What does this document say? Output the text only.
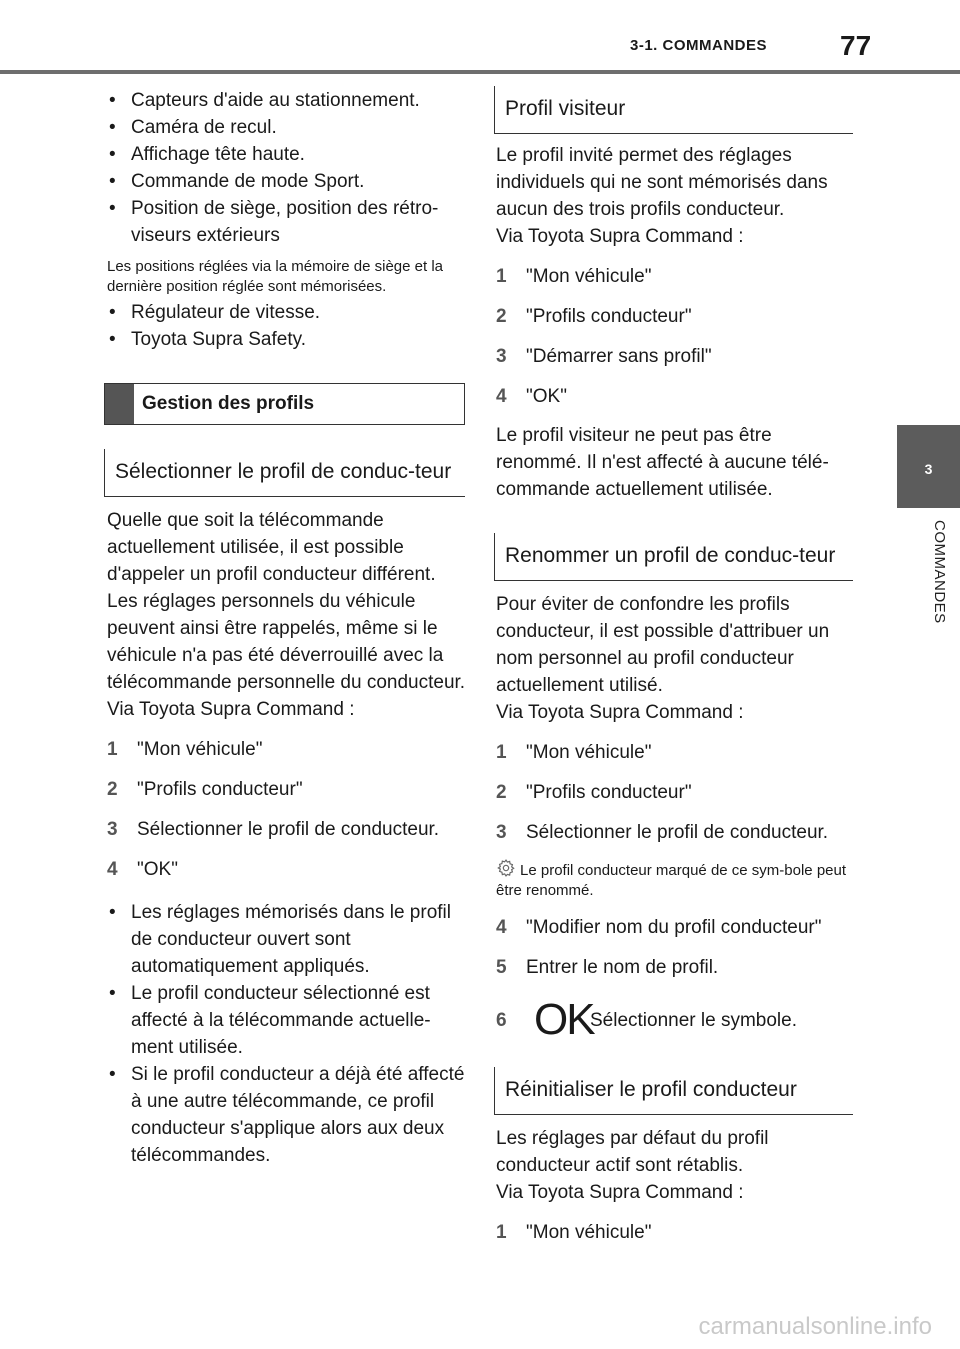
3-1. COMMANDES	77
3
COMMANDES
• Capteurs d'aide au stationnement.
• Caméra de recul.
• Affichage tête haute.
• Commande de mode Sport.
• Position de siège, position des rétro-viseurs extérieurs
Les positions réglées via la mémoire de siège et la dernière position réglée sont mémorisées.
• Régulateur de vitesse.
• Toyota Supra Safety.
Gestion des profils
Sélectionner le profil de conduc-teur

Quelle que soit la télécommande actuellement utilisée, il est possible d'appeler un profil conducteur différent. Les réglages personnels du véhicule peuvent ainsi être rappelés, même si le véhicule n'a pas été déverrouillé avec la télécommande personnelle du conducteur.

Via Toyota Supra Command :

1 "Mon véhicule"
2 "Profils conducteur"
3 Sélectionner le profil de conducteur.
4 "OK"
• Les réglages mémorisés dans le profil de conducteur ouvert sont automatiquement appliqués.
• Le profil conducteur sélectionné est affecté à la télécommande actuelle-ment utilisée.
• Si le profil conducteur a déjà été affecté à une autre télécommande, ce profil conducteur s'applique alors aux deux télécommandes.
Profil visiteur

Le profil invité permet des réglages individuels qui ne sont mémorisés dans aucun des trois profils conducteur.

Via Toyota Supra Command :

1 "Mon véhicule"
2 "Profils conducteur"
3 "Démarrer sans profil"
4 "OK"

Le profil visiteur ne peut pas être renommé. Il n'est affecté à aucune télé-commande actuellement utilisée.

Renommer un profil de conduc-teur

Pour éviter de confondre les profils conducteur, il est possible d'attribuer un nom personnel au profil conducteur actuellement utilisé.

Via Toyota Supra Command :

1 "Mon véhicule"
2 "Profils conducteur"
3 Sélectionner le profil de conducteur.
Le profil conducteur marqué de ce sym-bole peut être renommé.
4 "Modifier nom du profil conducteur"
5 Entrer le nom de profil.
6 OK
Sélectionner le symbole.
Réinitialiser le profil conducteur

Les réglages par défaut du profil conducteur actif sont rétablis.

Via Toyota Supra Command :

1 "Mon véhicule"
carmanualsonline.info
